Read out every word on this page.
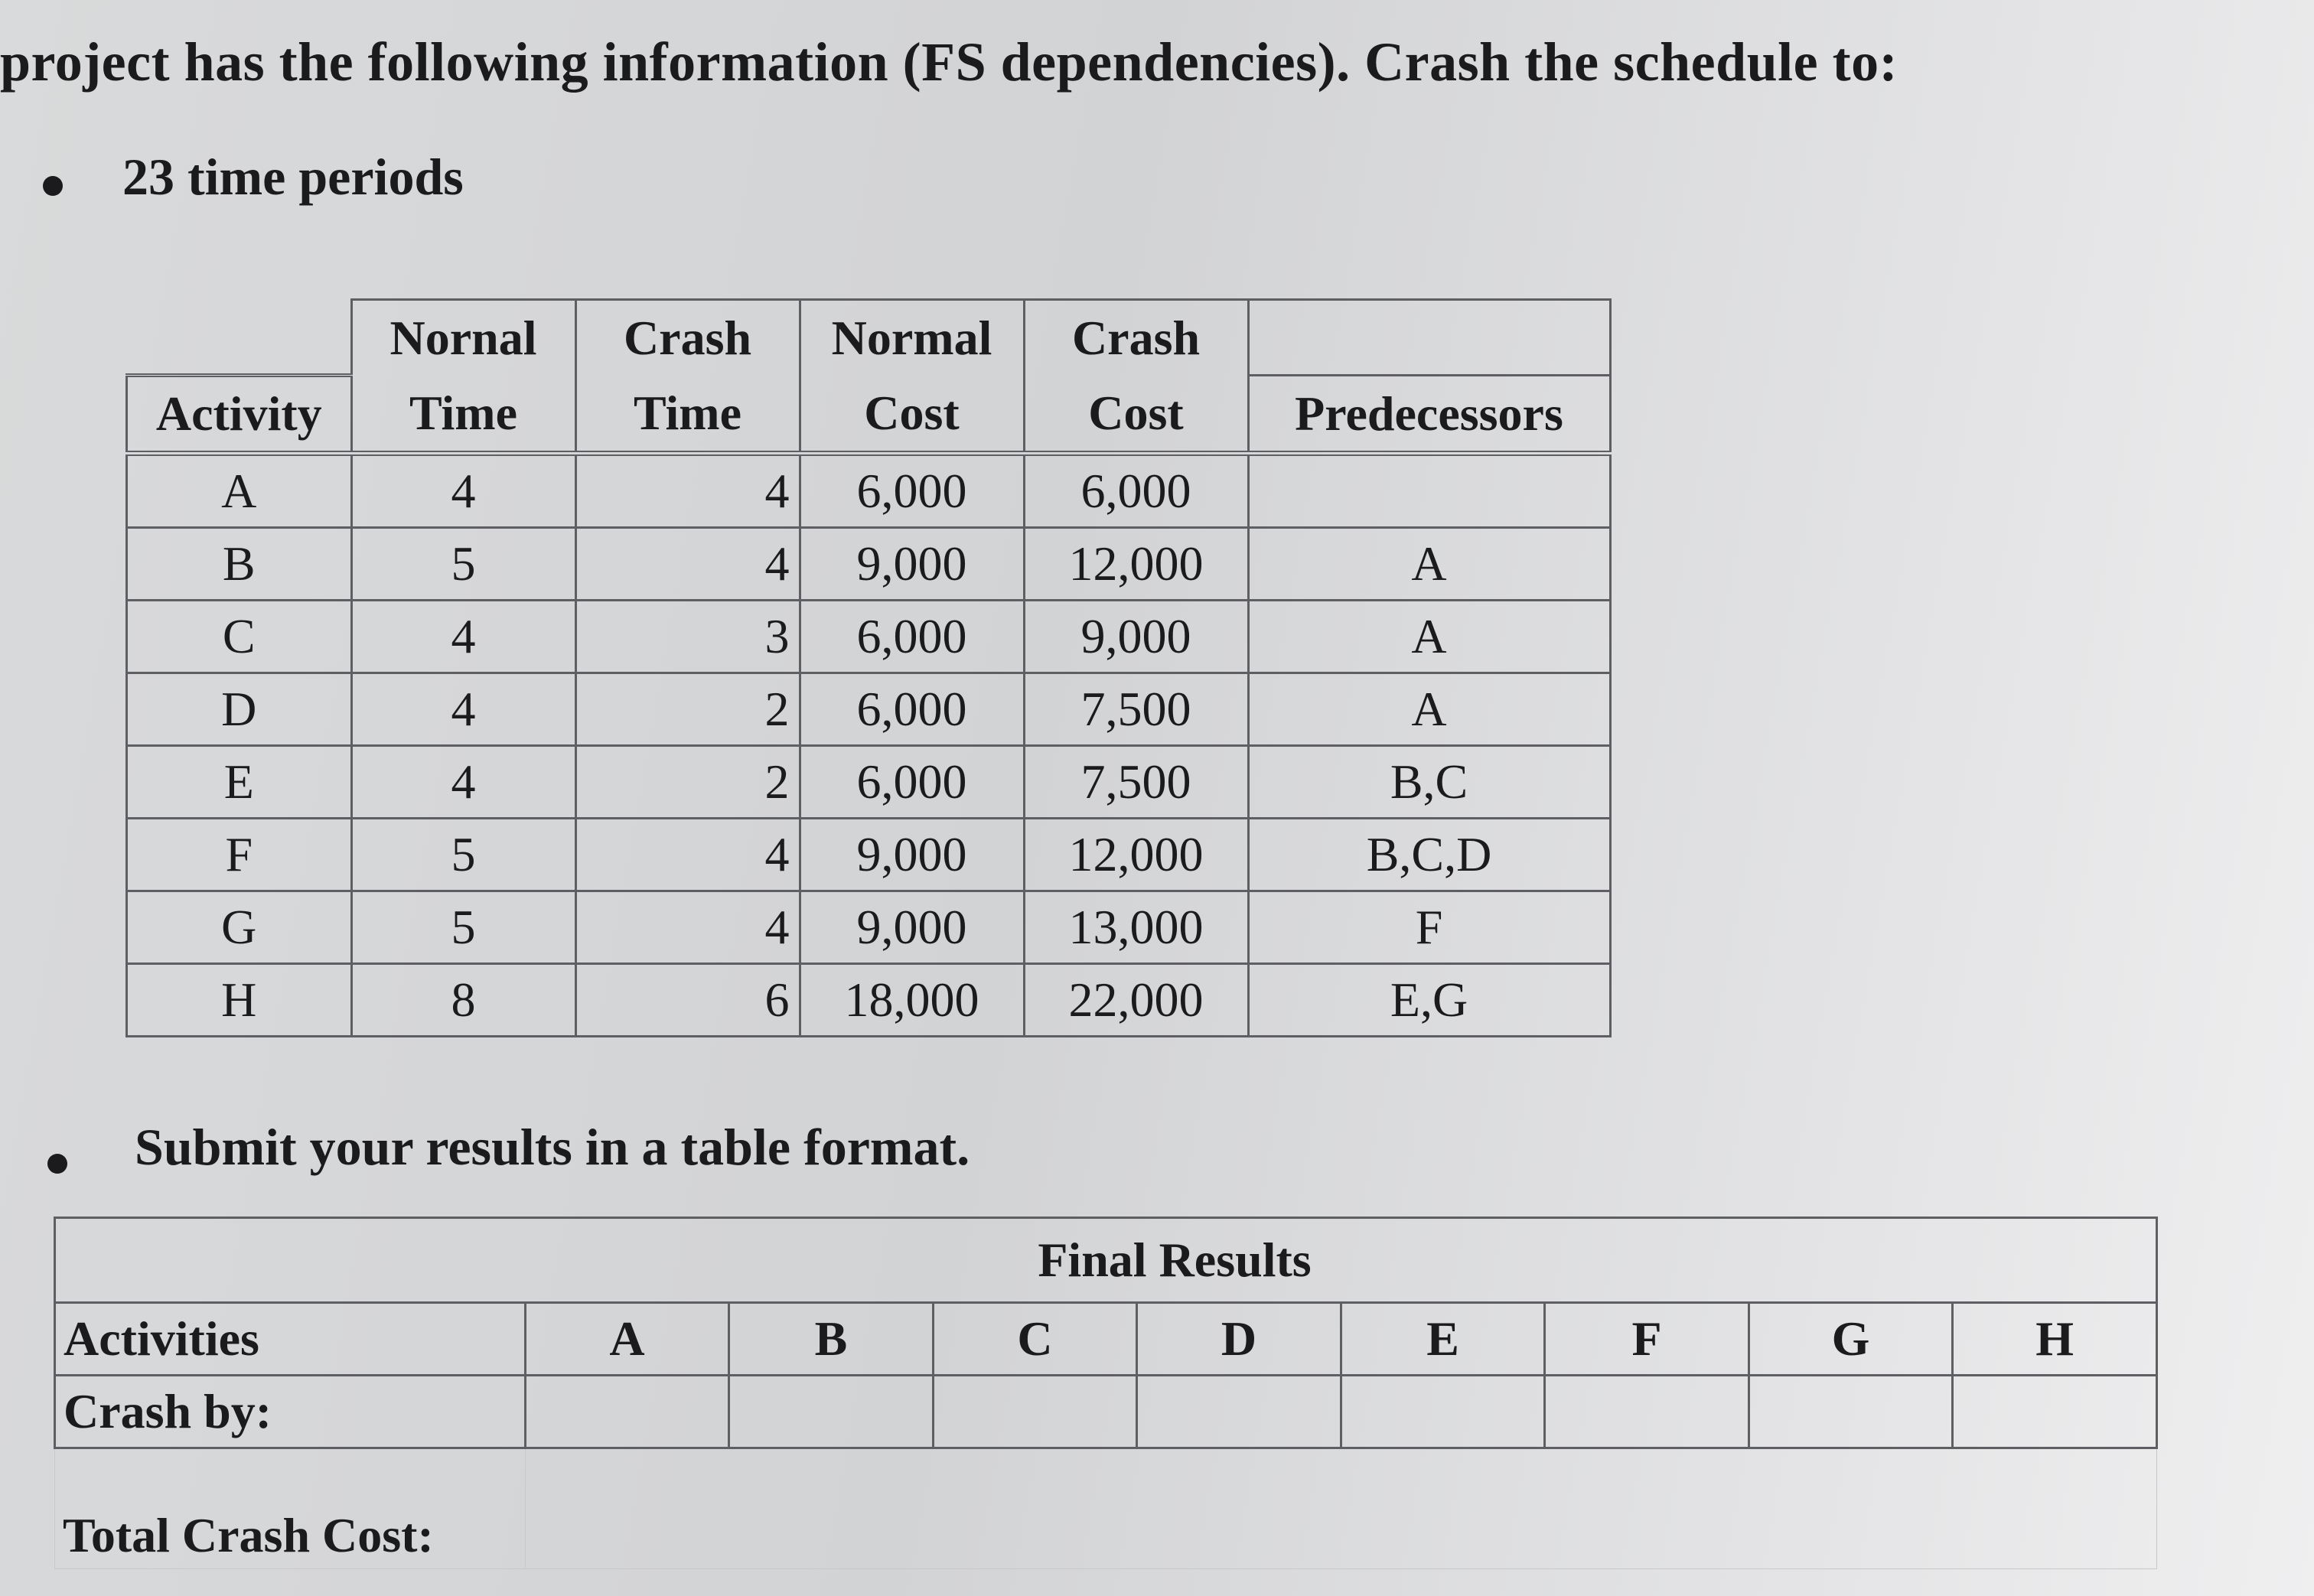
project has the following information (FS dependencies). Crash the schedule to:
23 time periods
	Nornal	Crash	Normal	Crash	
Activity	Time	Time	Cost	Cost	Predecessors
A	4	4	6,000	6,000	
B	5	4	9,000	12,000	A
C	4	3	6,000	9,000	A
D	4	2	6,000	7,500	A
E	4	2	6,000	7,500	B,C
F	5	4	9,000	12,000	B,C,D
G	5	4	9,000	13,000	F
H	8	6	18,000	22,000	E,G
Submit your results in a table format.
Final Results								
Activities	A	B	C	D	E	F	G	H
Crash by:								
Total Crash Cost:								
